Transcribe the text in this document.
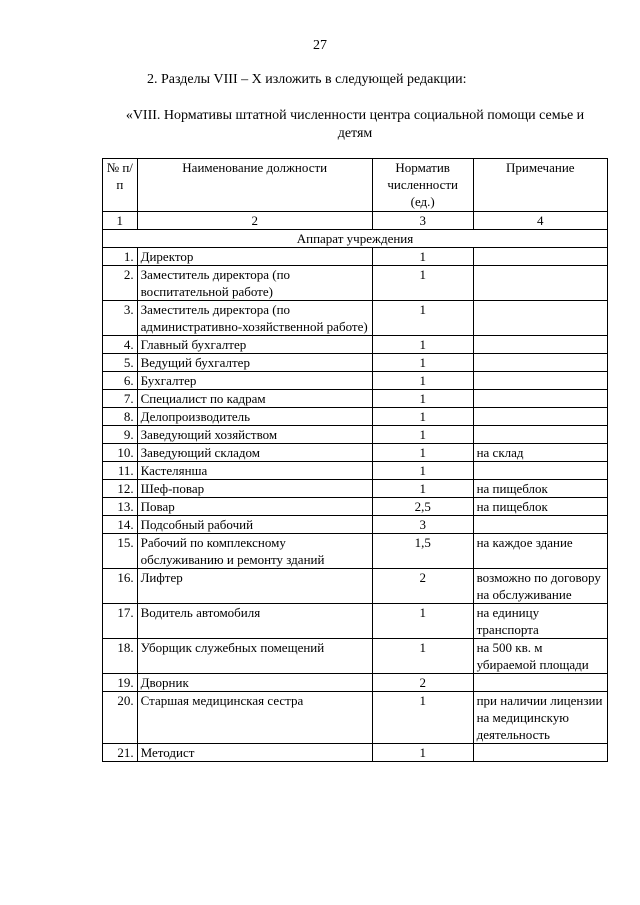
27
2. Разделы VIII – X изложить в следующей редакции:
«VIII. Нормативы штатной численности центра социальной помощи семье и детям
№ п/п	Наименование должности	Норматив численности (ед.)	Примечание
1	2	3	4
Аппарат учреждения			
1.	Директор	1	
2.	Заместитель директора (по воспитательной работе)	1	
3.	Заместитель директора (по административно-хозяйственной работе)	1	
4.	Главный бухгалтер	1	
5.	Ведущий бухгалтер	1	
6.	Бухгалтер	1	
7.	Специалист по кадрам	1	
8.	Делопроизводитель	1	
9.	Заведующий хозяйством	1	
10.	Заведующий складом	1	на склад
11.	Кастелянша	1	
12.	Шеф-повар	1	на пищеблок
13.	Повар	2,5	на пищеблок
14.	Подсобный рабочий	3	
15.	Рабочий по комплексному обслуживанию и ремонту зданий	1,5	на каждое здание
16.	Лифтер	2	возможно по договору на обслуживание
17.	Водитель автомобиля	1	на единицу транспорта
18.	Уборщик служебных помещений	1	на 500 кв. м убираемой площади
19.	Дворник	2	
20.	Старшая медицинская сестра	1	при наличии лицензии на медицинскую деятельность
21.	Методист	1	
